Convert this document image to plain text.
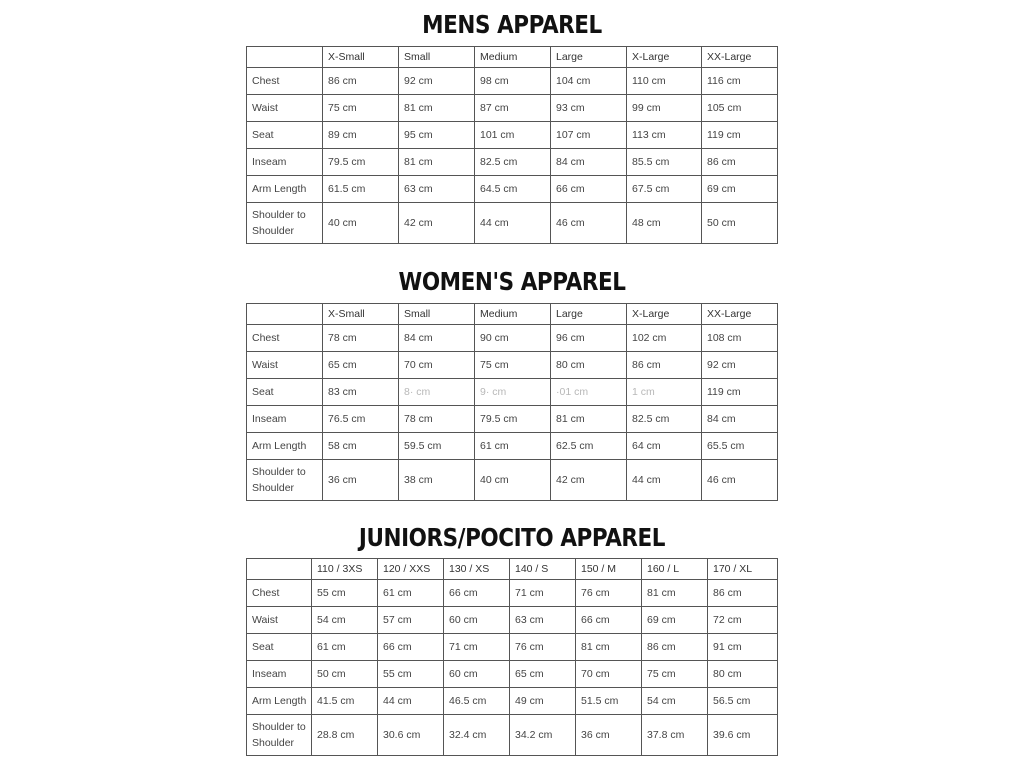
MENS APPAREL
	X-Small	Small	Medium	Large	X-Large	XX-Large
Chest	86 cm	92 cm	98 cm	104 cm	110 cm	116 cm
Waist	75 cm	81 cm	87 cm	93 cm	99 cm	105 cm
Seat	89 cm	95 cm	101 cm	107 cm	113 cm	119 cm
Inseam	79.5 cm	81 cm	82.5 cm	84 cm	85.5 cm	86 cm
Arm Length	61.5 cm	63 cm	64.5 cm	66 cm	67.5 cm	69 cm
Shoulder to Shoulder	40 cm	42 cm	44 cm	46 cm	48 cm	50 cm
WOMEN'S APPAREL
	X-Small	Small	Medium	Large	X-Large	XX-Large
Chest	78 cm	84 cm	90 cm	96 cm	102 cm	108 cm
Waist	65 cm	70 cm	75 cm	80 cm	86 cm	92 cm
Seat	83 cm	8· cm	9· cm	·01 cm	1 cm	119 cm
Inseam	76.5 cm	78 cm	79.5 cm	81 cm	82.5 cm	84 cm
Arm Length	58 cm	59.5 cm	61 cm	62.5 cm	64 cm	65.5 cm
Shoulder to Shoulder	36 cm	38 cm	40 cm	42 cm	44 cm	46 cm
JUNIORS/POCITO APPAREL
	110 / 3XS	120 / XXS	130 / XS	140 / S	150 / M	160 / L	170 / XL
Chest	55 cm	61 cm	66 cm	71 cm	76 cm	81 cm	86 cm
Waist	54 cm	57 cm	60 cm	63 cm	66 cm	69 cm	72 cm
Seat	61 cm	66 cm	71 cm	76 cm	81 cm	86 cm	91 cm
Inseam	50 cm	55 cm	60 cm	65 cm	70 cm	75 cm	80 cm
Arm Length	41.5 cm	44 cm	46.5 cm	49 cm	51.5 cm	54 cm	56.5 cm
Shoulder to Shoulder	28.8 cm	30.6 cm	32.4 cm	34.2 cm	36 cm	37.8 cm	39.6 cm
